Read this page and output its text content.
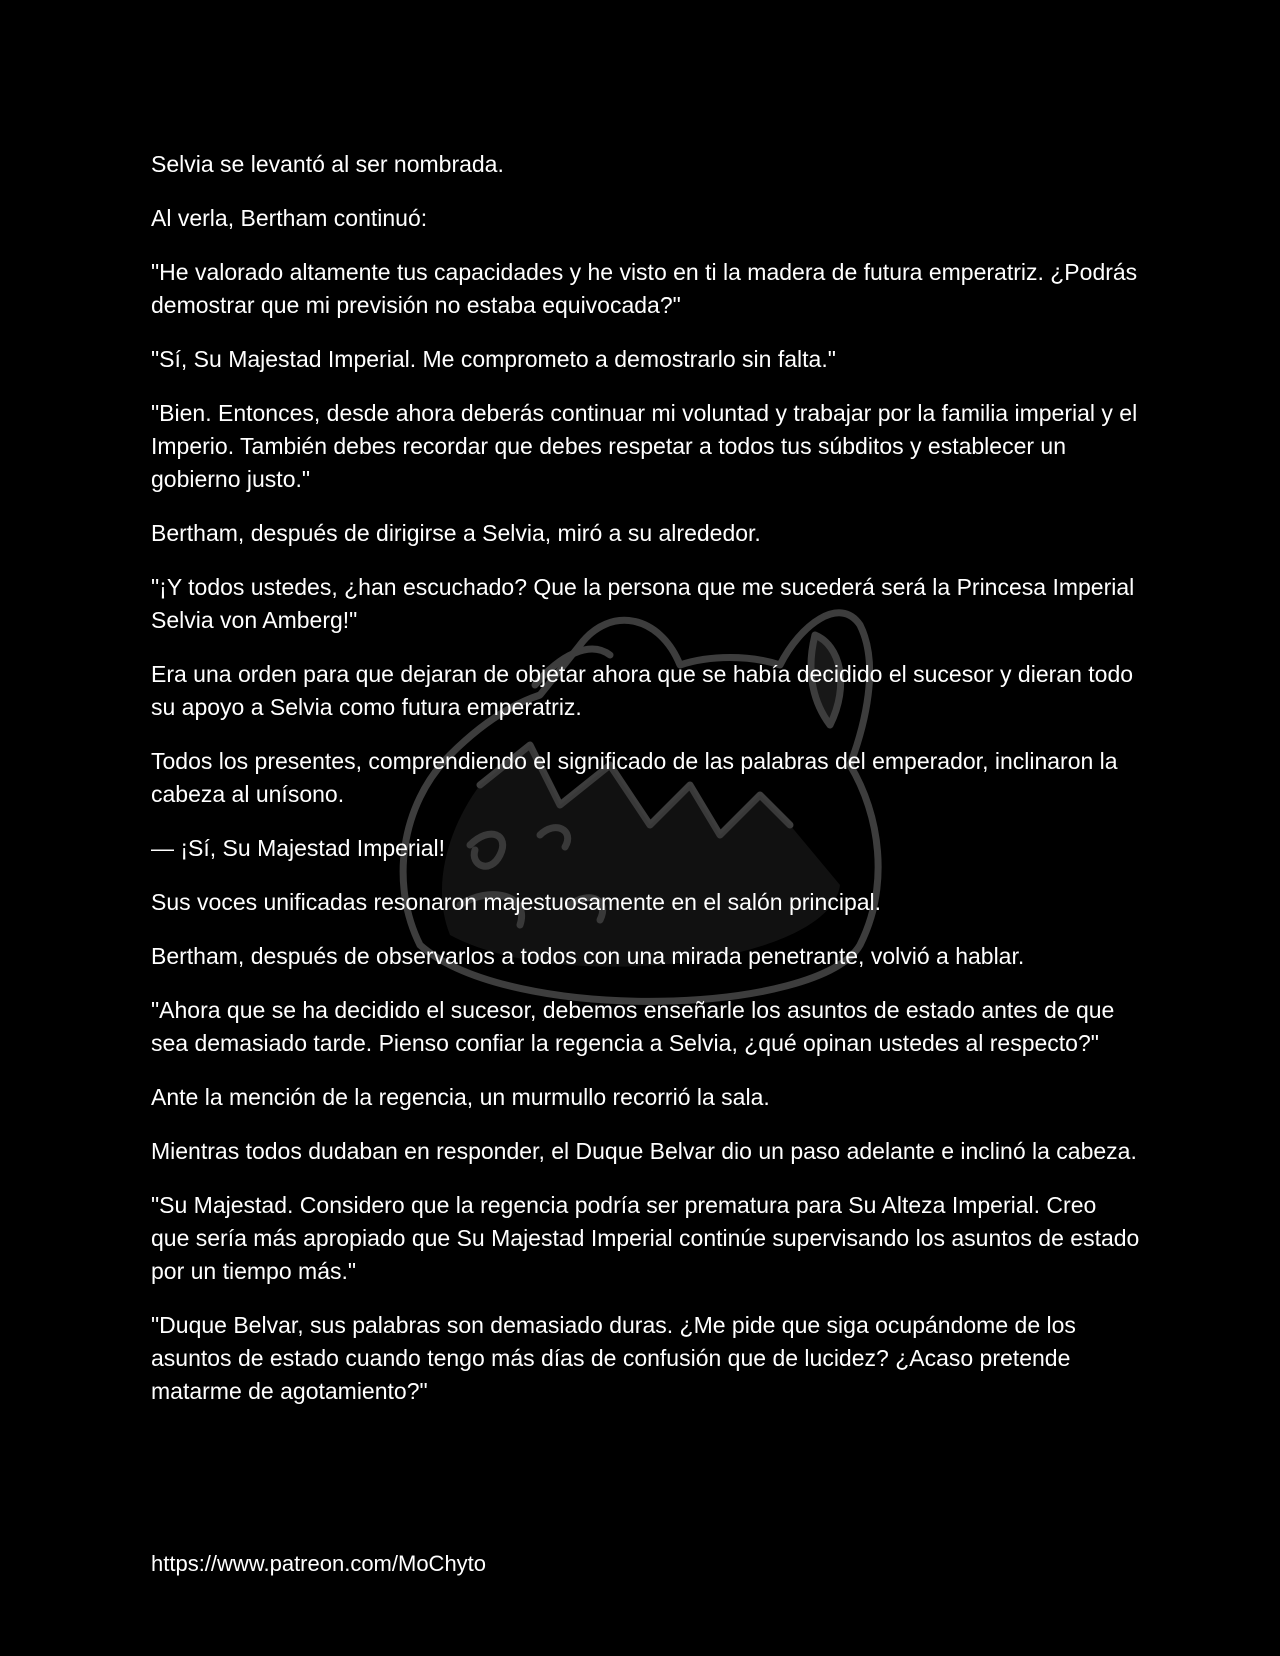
Selvia se levantó al ser nombrada.

Al verla, Bertham continuó:

"He valorado altamente tus capacidades y he visto en ti la madera de futura emperatriz. ¿Podrás demostrar que mi previsión no estaba equivocada?"

"Sí, Su Majestad Imperial. Me comprometo a demostrarlo sin falta."

"Bien. Entonces, desde ahora deberás continuar mi voluntad y trabajar por la familia imperial y el Imperio. También debes recordar que debes respetar a todos tus súbditos y establecer un gobierno justo."

Bertham, después de dirigirse a Selvia, miró a su alrededor.

"¡Y todos ustedes, ¿han escuchado? Que la persona que me sucederá será la Princesa Imperial Selvia von Amberg!"

Era una orden para que dejaran de objetar ahora que se había decidido el sucesor y dieran todo su apoyo a Selvia como futura emperatriz.

Todos los presentes, comprendiendo el significado de las palabras del emperador, inclinaron la cabeza al unísono.

— ¡Sí, Su Majestad Imperial!

Sus voces unificadas resonaron majestuosamente en el salón principal.

Bertham, después de observarlos a todos con una mirada penetrante, volvió a hablar.

"Ahora que se ha decidido el sucesor, debemos enseñarle los asuntos de estado antes de que sea demasiado tarde. Pienso confiar la regencia a Selvia, ¿qué opinan ustedes al respecto?"

Ante la mención de la regencia, un murmullo recorrió la sala.

Mientras todos dudaban en responder, el Duque Belvar dio un paso adelante e inclinó la cabeza.

"Su Majestad. Considero que la regencia podría ser prematura para Su Alteza Imperial. Creo que sería más apropiado que Su Majestad Imperial continúe supervisando los asuntos de estado por un tiempo más."

"Duque Belvar, sus palabras son demasiado duras. ¿Me pide que siga ocupándome de los asuntos de estado cuando tengo más días de confusión que de lucidez? ¿Acaso pretende matarme de agotamiento?"

https://www.patreon.com/MoChyto
